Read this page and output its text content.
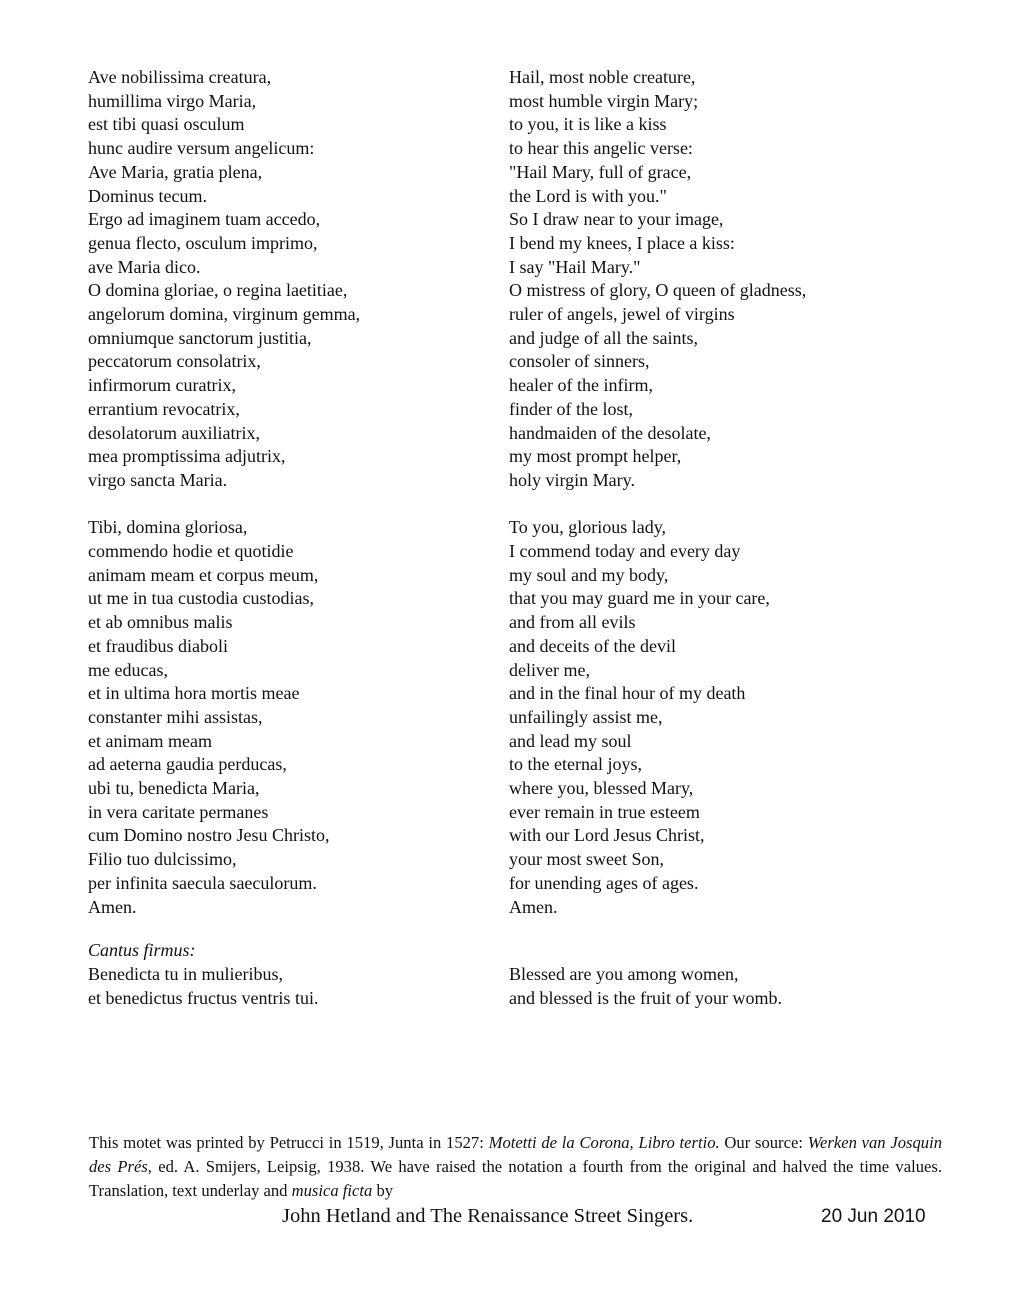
Ave nobilissima creatura,
humillima virgo Maria,
est tibi quasi osculum
hunc audire versum angelicum:
Ave Maria, gratia plena,
Dominus tecum.
Ergo ad imaginem tuam accedo,
genua flecto, osculum imprimo,
ave Maria dico.
O domina gloriae, o regina laetitiae,
angelorum domina, virginum gemma,
omniumque sanctorum justitia,
peccatorum consolatrix,
infirmorum curatrix,
errantium revocatrix,
desolatorum auxiliatrix,
mea promptissima adjutrix,
virgo sancta Maria.
Tibi, domina gloriosa,
commendo hodie et quotidie
animam meam et corpus meum,
ut me in tua custodia custodias,
et ab omnibus malis
et fraudibus diaboli
me educas,
et in ultima hora mortis meae
constanter mihi assistas,
et animam meam
ad aeterna gaudia perducas,
ubi tu, benedicta Maria,
in vera caritate permanes
cum Domino nostro Jesu Christo,
Filio tuo dulcissimo,
per infinita saecula saeculorum.
Amen.
Cantus firmus:
Benedicta tu in mulieribus,
et benedictus fructus ventris tui.
Hail, most noble creature,
most humble virgin Mary;
to you, it is like a kiss
to hear this angelic verse:
"Hail Mary, full of grace,
the Lord is with you."
So I draw near to your image,
I bend my knees, I place a kiss:
I say "Hail Mary."
O mistress of glory, O queen of gladness,
ruler of angels, jewel of virgins
and judge of all the saints,
consoler of sinners,
healer of the infirm,
finder of the lost,
handmaiden of the desolate,
my most prompt helper,
holy virgin Mary.
To you, glorious lady,
I commend today and every day
my soul and my body,
that you may guard me in your care,
and from all evils
and deceits of the devil
deliver me,
and in the final hour of my death
unfailingly assist me,
and lead my soul
to the eternal joys,
where you, blessed Mary,
ever remain in true esteem
with our Lord Jesus Christ,
your most sweet Son,
for unending ages of ages.
Amen.
Blessed are you among women,
and blessed is the fruit of your womb.
This motet was printed by Petrucci in 1519, Junta in 1527: Motetti de la Corona, Libro tertio. Our source: Werken van Josquin des Prés, ed. A. Smijers, Leipsig, 1938. We have raised the notation a fourth from the original and halved the time values. Translation, text underlay and musica ficta by
John Hetland and The Renaissance Street Singers.	20 Jun 2010
